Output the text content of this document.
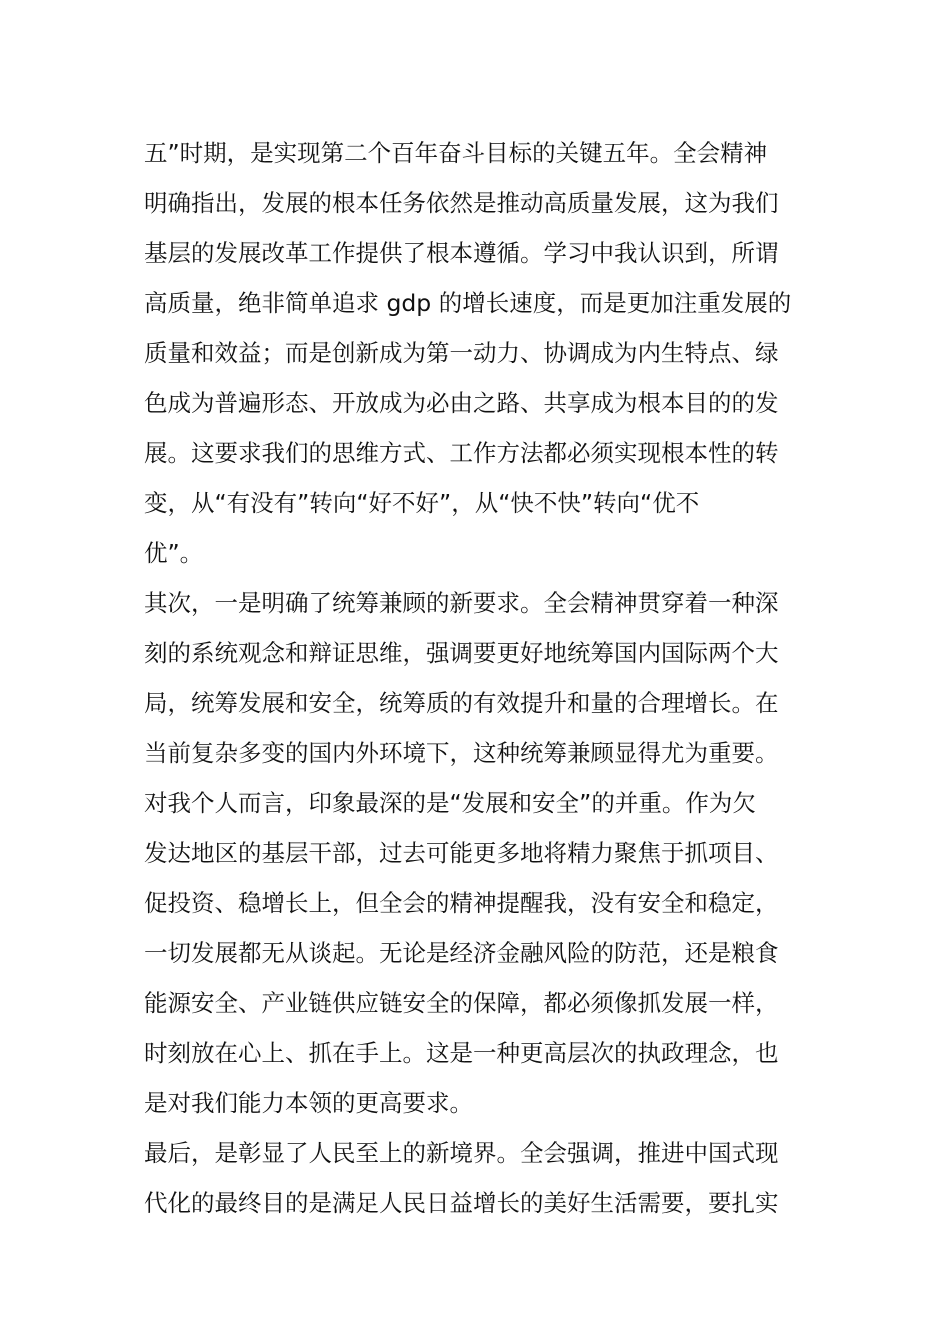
五”时期，是实现第二个百年奋斗目标的关键五年。全会精神
明确指出，发展的根本任务依然是推动高质量发展，这为我们
基层的发展改革工作提供了根本遵循。学习中我认识到，所谓
高质量，绝非简单追求 gdp 的增长速度，而是更加注重发展的
质量和效益；而是创新成为第一动力、协调成为内生特点、绿
色成为普遍形态、开放成为必由之路、共享成为根本目的的发
展。这要求我们的思维方式、工作方法都必须实现根本性的转
变，从“有没有”转向“好不好”，从“快不快”转向“优不
优”。
其次，一是明确了统筹兼顾的新要求。全会精神贯穿着一种深
刻的系统观念和辩证思维，强调要更好地统筹国内国际两个大
局，统筹发展和安全，统筹质的有效提升和量的合理增长。在
当前复杂多变的国内外环境下，这种统筹兼顾显得尤为重要。
对我个人而言，印象最深的是“发展和安全”的并重。作为欠
发达地区的基层干部，过去可能更多地将精力聚焦于抓项目、
促投资、稳增长上，但全会的精神提醒我，没有安全和稳定，
一切发展都无从谈起。无论是经济金融风险的防范，还是粮食
能源安全、产业链供应链安全的保障，都必须像抓发展一样，
时刻放在心上、抓在手上。这是一种更高层次的执政理念，也
是对我们能力本领的更高要求。
最后，是彰显了人民至上的新境界。全会强调，推进中国式现
代化的最终目的是满足人民日益增长的美好生活需要，要扎实
